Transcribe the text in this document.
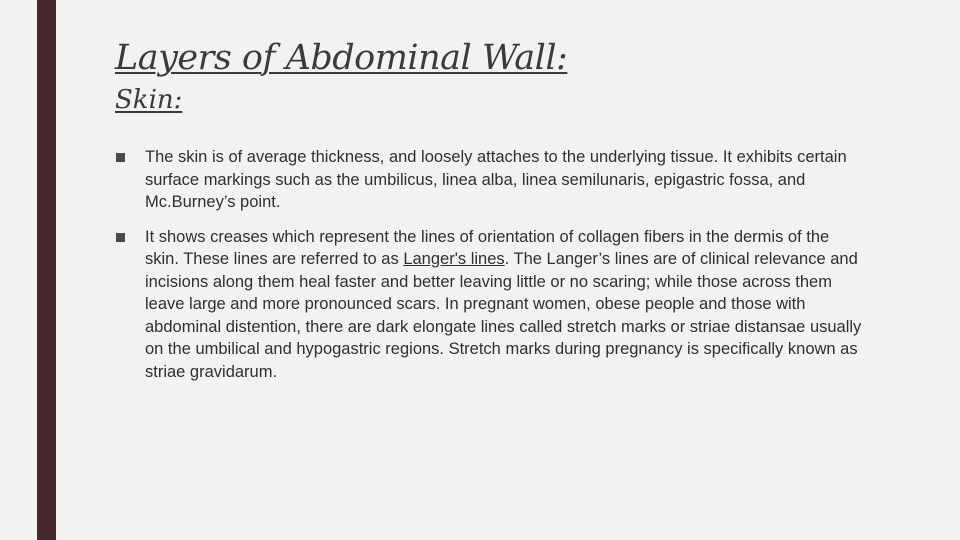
Layers of Abdominal Wall:
Skin:
The skin is of average thickness, and loosely attaches to the underlying tissue. It exhibits certain surface markings such as the umbilicus, linea alba, linea semilunaris, epigastric fossa, and Mc.Burney’s point.
It shows creases which represent the lines of orientation of collagen fibers in the dermis of the skin. These lines are referred to as Langer's lines. The Langer’s lines are of clinical relevance and incisions along them heal faster and better leaving little or no scaring; while those across them leave large and more pronounced scars. In pregnant women, obese people and those with abdominal distention, there are dark elongate lines called stretch marks or striae distansae usually on the umbilical and hypogastric regions. Stretch marks during pregnancy is specifically known as striae gravidarum.
